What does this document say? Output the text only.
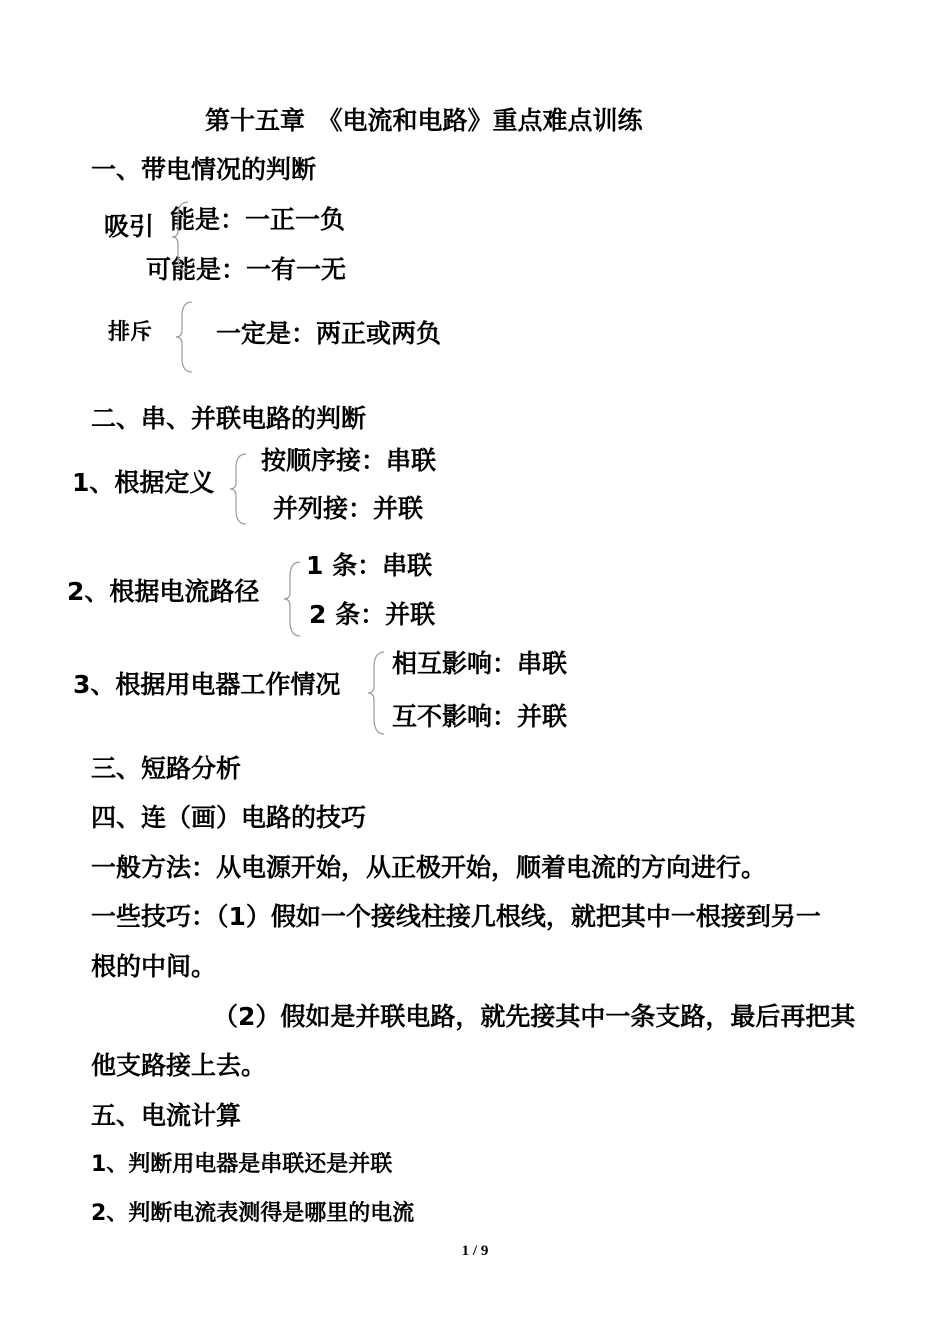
第十五章　《电流和电路》重点难点训练
一、带电情况的判断
能是：一正一负
可能是：一有一无
吸引
排斥	一定是：两正或两负
二、串、并联电路的判断
1、根据定义
按顺序接：串联
并列接：并联
2、根据电流路径
1 条：串联
2 条：并联
3、根据用电器工作情况
相互影响：串联
互不影响：并联
三、短路分析
四、连（画）电路的技巧
一般方法：从电源开始，从正极开始，顺着电流的方向进行。
一些技巧：（1）假如一个接线柱接几根线，就把其中一根接到另一
根的中间。
（2）假如是并联电路，就先接其中一条支路，最后再把其
他支路接上去。
五、电流计算
1、判断用电器是串联还是并联
2、判断电流表测得是哪里的电流
1 / 9
